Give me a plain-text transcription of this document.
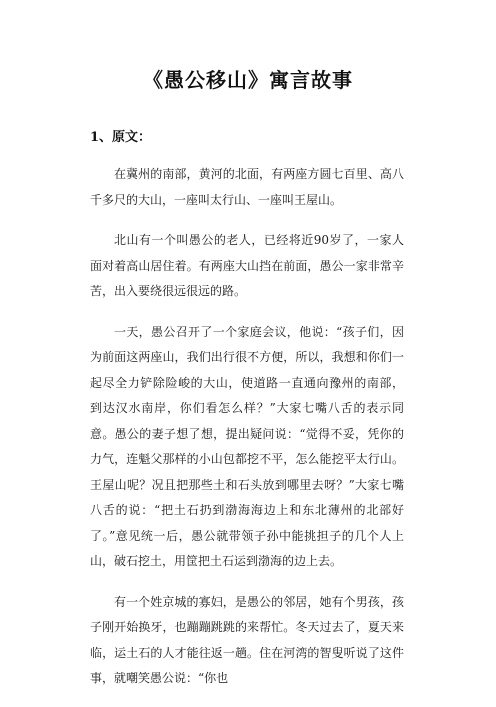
《愚公移山》寓言故事
1、原文：

在冀州的南部，黄河的北面，有两座方圆七百里、高八千多尺的大山，一座叫太行山、一座叫王屋山。

北山有一个叫愚公的老人，已经将近90岁了，一家人面对着高山居住着。有两座大山挡在前面，愚公一家非常辛苦，出入要绕很远很远的路。

一天，愚公召开了一个家庭会议，他说：“孩子们，因为前面这两座山，我们出行很不方便，所以，我想和你们一起尽全力铲除险峻的大山，使道路一直通向豫州的南部， 到达汉水南岸，你们看怎么样？”大家七嘴八舌的表示同意。愚公的妻子想了想，提出疑问说：“觉得不妥，凭你的力气，连魁父那样的小山包都挖不平，怎么能挖平太行山。王屋山呢？况且把那些土和石头放到哪里去呀？”大家七嘴八舌的说：“把土石扔到渤海海边上和东北薄州的北部好了。”意见统一后，愚公就带领子孙中能挑担子的几个人上山，破石挖土，用筐把土石运到渤海的边上去。

有一个姓京城的寡妇，是愚公的邻居，她有个男孩，孩子刚开始换牙，也蹦蹦跳跳的来帮忙。冬天过去了，夏天来临，运土石的人才能往返一趟。住在河湾的智叟听说了这件事，就嘲笑愚公说：“你也
